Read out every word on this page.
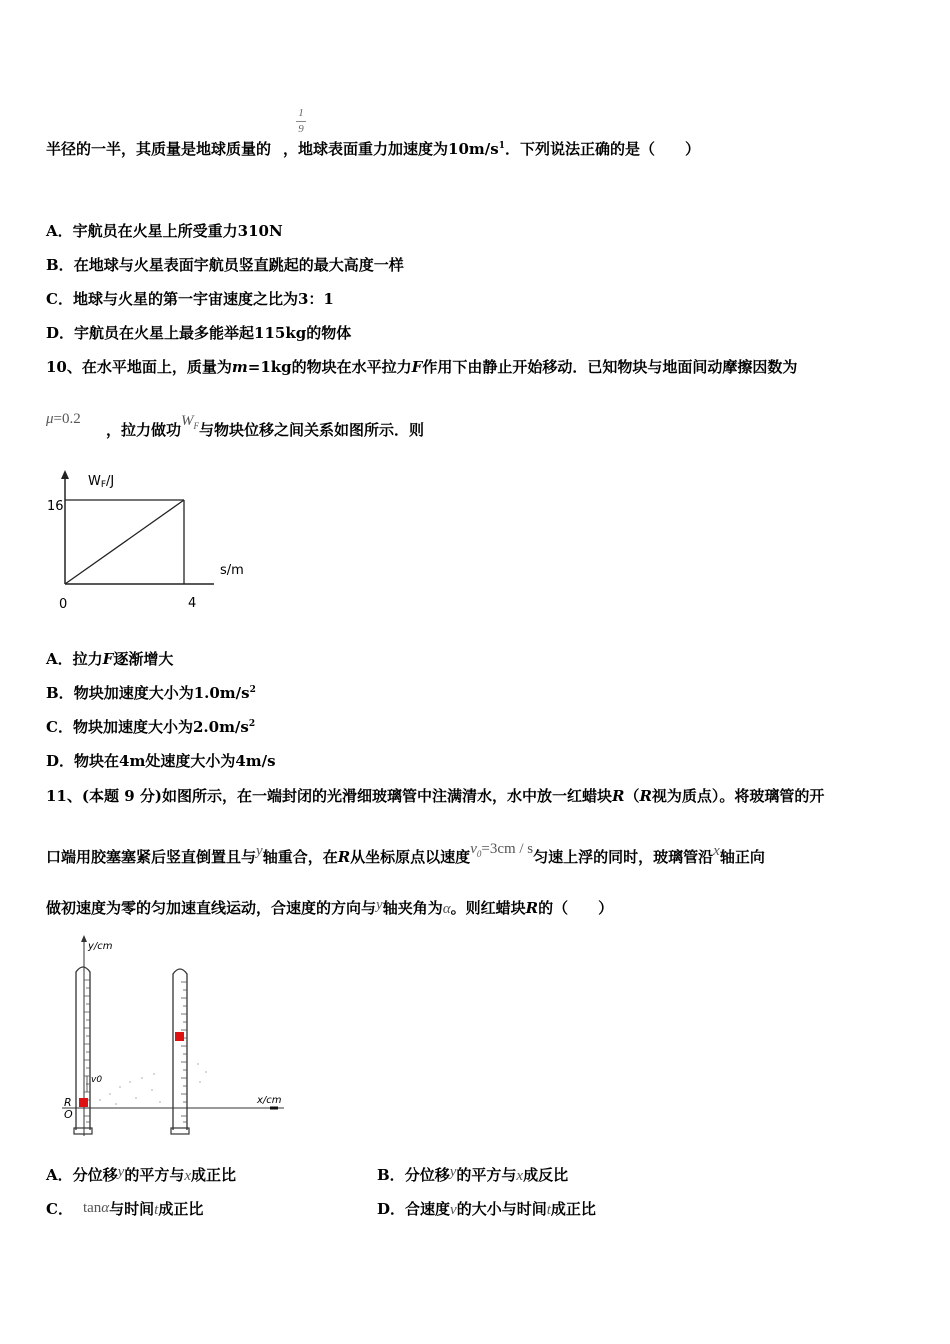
1
9
半径的一半，其质量是地球质量的 ，地球表面重力加速度为$10m/s^1$．下列说法正确的是（　　）
A．宇航员在火星上所受重力310N
B．在地球与火星表面宇航员竖直跳起的最大高度一样
C．地球与火星的第一宇宙速度之比为3：1
D．宇航员在火星上最多能举起115kg的物体
10、在水平地面上，质量为m=1kg的物块在水平拉力F作用下由静止开始移动．已知物块与地面间动摩擦因数为
μ=0.2
，拉力做功$W_F$与物块位移之间关系如图所示．则
WF/J
16
s/m
0	4
A．拉力F逐渐增大
B．物块加速度大小为$1.0m/s^2$
C．物块加速度大小为$2.0m/s^2$
D．物块在4m处速度大小为4m/s
11、(本题 9 分)如图所示，在一端封闭的光滑细玻璃管中注满清水，水中放一红蜡块R（R视为质点）。将玻璃管的开
口端用胶塞塞紧后竖直倒置且与y轴重合，在R从坐标原点以速度$v_0=3cm / s$匀速上浮的同时，玻璃管沿x轴正向
做初速度为零的匀加速直线运动，合速度的方向与y轴夹角为α。则红蜡块R的（　　）
y/cm
x/cm
v0
R
O
A．分位移y的平方与x成正比	B．分位移y的平方与x成反比
C． tanα与时间t成正比	D．合速度v的大小与时间t成正比
